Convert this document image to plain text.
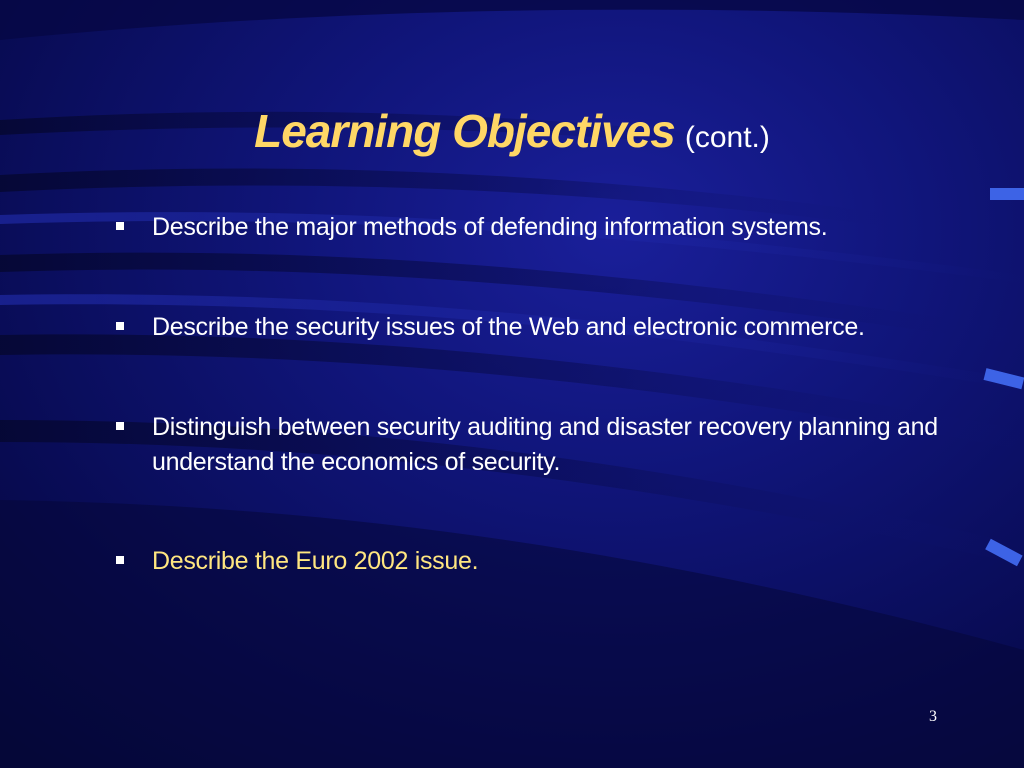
Learning Objectives (cont.)
Describe the major methods of defending information systems.
Describe the security issues of the Web and electronic commerce.
Distinguish between security auditing and disaster recovery planning and understand the economics of security.
Describe the Euro 2002 issue.
3
